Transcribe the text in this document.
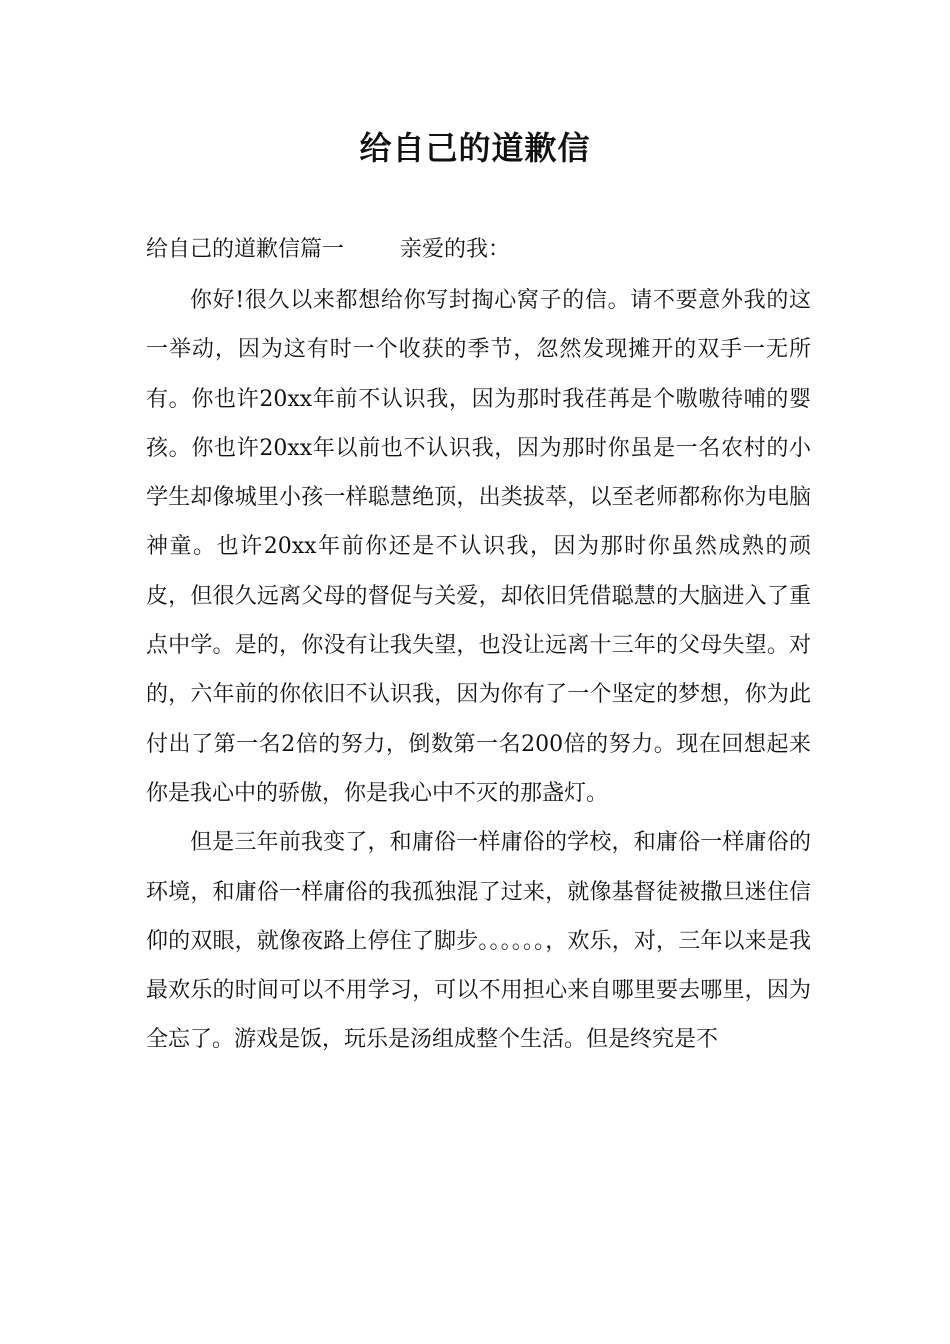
给自己的道歉信
给自己的道歉信篇一	亲爱的我：

你好!很久以来都想给你写封掏心窝子的信。请不要意外我的这一举动，因为这有时一个收获的季节，忽然发现摊开的双手一无所有。你也许20xx年前不认识我，因为那时我荏苒是个嗷嗷待哺的婴孩。你也许20xx年以前也不认识我，因为那时你虽是一名农村的小学生却像城里小孩一样聪慧绝顶，出类拔萃，以至老师都称你为电脑神童。也许20xx年前你还是不认识我，因为那时你虽然成熟的顽皮，但很久远离父母的督促与关爱，却依旧凭借聪慧的大脑进入了重点中学。是的，你没有让我失望，也没让远离十三年的父母失望。对的，六年前的你依旧不认识我，因为你有了一个坚定的梦想，你为此付出了第一名2倍的努力，倒数第一名200倍的努力。现在回想起来你是我心中的骄傲，你是我心中不灭的那盏灯。

但是三年前我变了，和庸俗一样庸俗的学校，和庸俗一样庸俗的环境，和庸俗一样庸俗的我孤独混了过来，就像基督徒被撒旦迷住信仰的双眼，就像夜路上停住了脚步。。。。。。，欢乐，对，三年以来是我最欢乐的时间可以不用学习，可以不用担心来自哪里要去哪里，因为全忘了。游戏是饭，玩乐是汤组成整个生活。但是终究是不
